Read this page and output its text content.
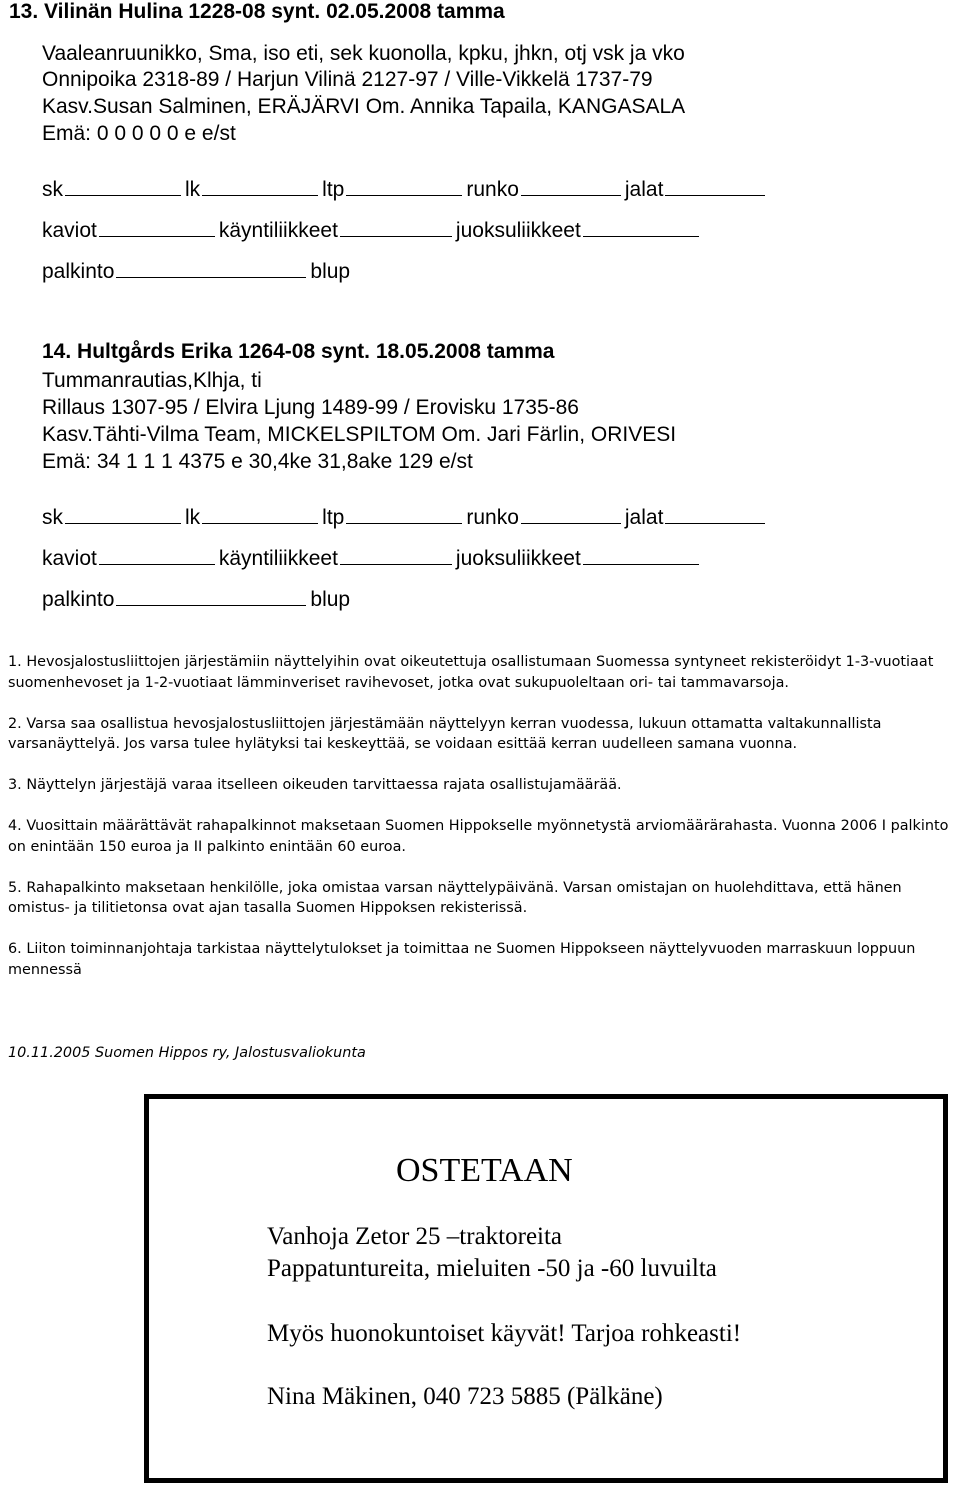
13. Vilinän Hulina 1228-08 synt. 02.05.2008 tamma
Vaaleanruunikko, Sma, iso eti, sek kuonolla, kpku, jhkn, otj vsk ja vko
Onnipoika 2318-89 / Harjun Vilinä 2127-97 / Ville-Vikkelä 1737-79
Kasv.Susan Salminen, ERÄJÄRVI Om. Annika Tapaila, KANGASALA
Emä: 0 0 0 0 0 e e/st
sk	lk	ltp	runko	jalat
kaviot	käyntiliikkeet	juoksuliikkeet
palkinto	blup
14. Hultgårds Erika 1264-08 synt. 18.05.2008 tamma
Tummanrautias,Klhja, ti
Rillaus 1307-95 / Elvira Ljung 1489-99 / Erovisku 1735-86
Kasv.Tähti-Vilma Team, MICKELSPILTOM Om. Jari Färlin, ORIVESI
Emä: 34 1 1 1 4375 e 30,4ke 31,8ake 129 e/st
sk	lk	ltp	runko	jalat
kaviot	käyntiliikkeet	juoksuliikkeet
palkinto	blup

1. Hevosjalostusliittojen järjestämiin näyttelyihin ovat oikeutettuja osallistumaan Suomessa syntyneet rekisteröidyt 1-3-vuotiaat suomenhevoset ja 1-2-vuotiaat lämminveriset ravihevoset, jotka ovat sukupuoleltaan ori- tai tammavarsoja.

2. Varsa saa osallistua hevosjalostusliittojen järjestämään näyttelyyn kerran vuodessa, lukuun ottamatta valtakunnallista varsanäyttelyä. Jos varsa tulee hylätyksi tai keskeyttää, se voidaan esittää kerran uudelleen samana vuonna.

3. Näyttelyn järjestäjä varaa itselleen oikeuden tarvittaessa rajata osallistujamäärää.

4. Vuosittain määrättävät rahapalkinnot maksetaan Suomen Hippokselle myönnetystä arviomäärärahasta. Vuonna 2006 I palkinto on enintään 150 euroa ja II palkinto enintään 60 euroa.

5. Rahapalkinto maksetaan henkilölle, joka omistaa varsan näyttelypäivänä. Varsan omistajan on huolehdittava, että hänen omistus- ja tilitietonsa ovat ajan tasalla Suomen Hippoksen rekisterissä.

6. Liiton toiminnanjohtaja tarkistaa näyttelytulokset ja toimittaa ne Suomen Hippokseen näyttelyvuoden marraskuun loppuun mennessä

10.11.2005 Suomen Hippos ry, Jalostusvaliokunta
OSTETAAN
Vanhoja Zetor 25 –traktoreita
Pappatuntureita, mieluiten -50 ja -60 luvuilta
Myös huonokuntoiset käyvät! Tarjoa rohkeasti!
Nina Mäkinen, 040 723 5885 (Pälkäne)
